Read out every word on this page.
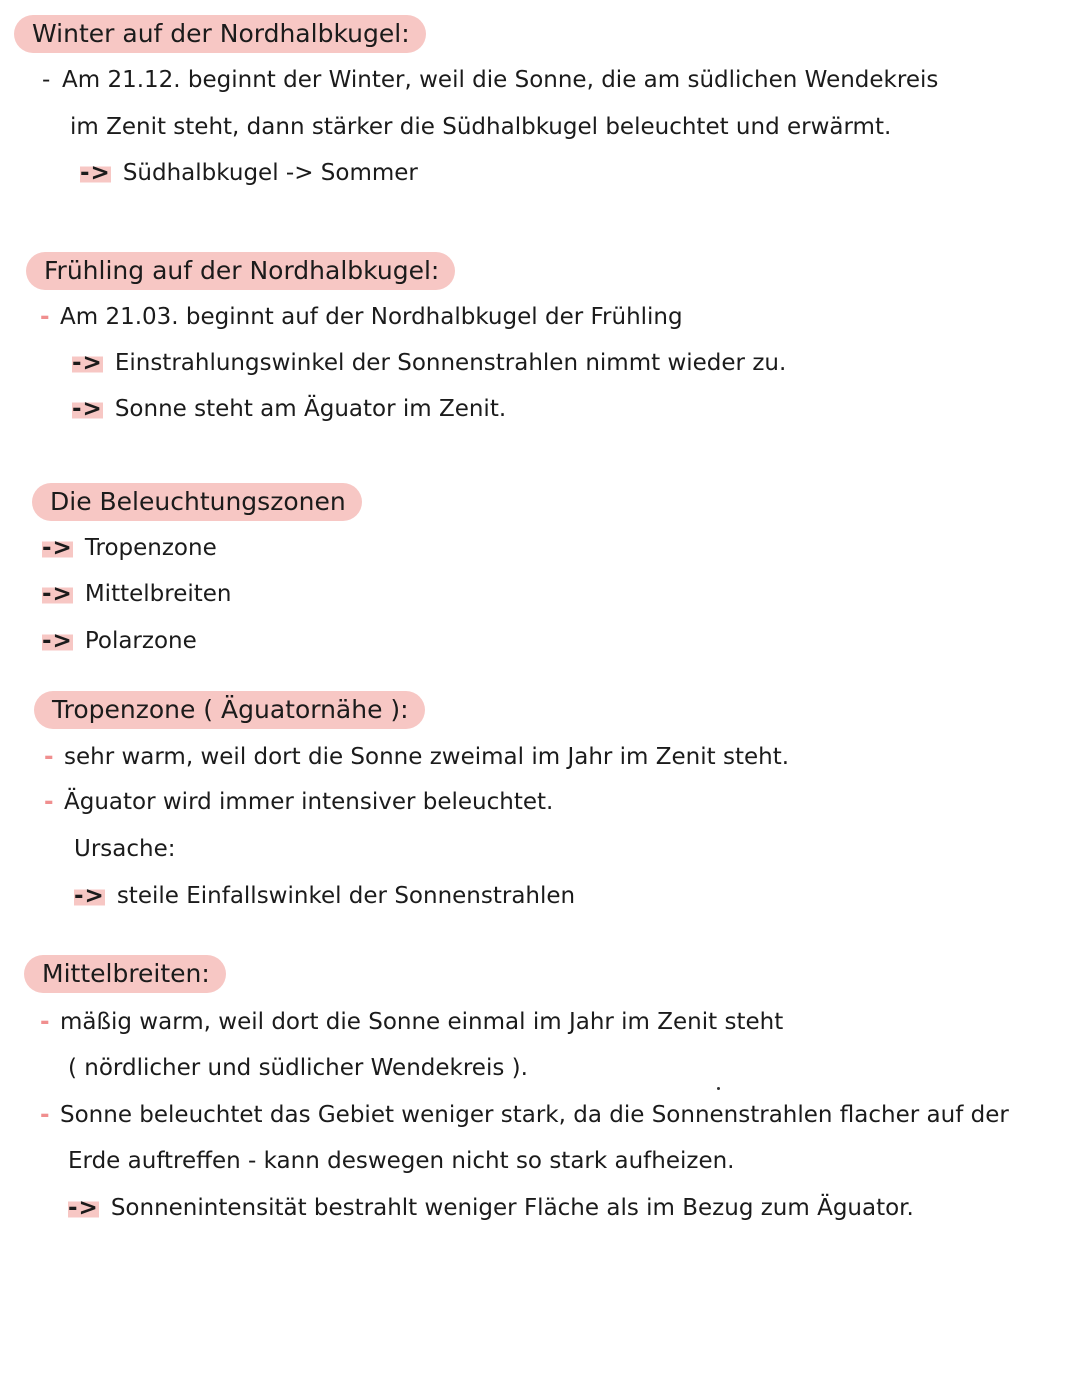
Winter auf der Nordhalbkugel:
- Am 21.12. beginnt der Winter, weil die Sonne, die am südlichen Wendekreis
im Zenit steht, dann stärker die Südhalbkugel beleuchtet und erwärmt.
-> Südhalbkugel -> Sommer
Frühling auf der Nordhalbkugel:
- Am 21.03. beginnt auf der Nordhalbkugel der Frühling
-> Einstrahlungswinkel der Sonnenstrahlen nimmt wieder zu.
-> Sonne steht am Äguator im Zenit.
Die Beleuchtungszonen
-> Tropenzone
-> Mittelbreiten
-> Polarzone
Tropenzone ( Äguatornähe ):
- sehr warm, weil dort die Sonne zweimal im Jahr im Zenit steht.
- Äguator wird immer intensiver beleuchtet.
Ursache:
-> steile Einfallswinkel der Sonnenstrahlen
Mittelbreiten:
- mäßig warm, weil dort die Sonne einmal im Jahr im Zenit steht
( nördlicher und südlicher Wendekreis ).
- Sonne beleuchtet das Gebiet weniger stark, da die Sonnenstrahlen flacher auf der
Erde auftreffen - kann deswegen nicht so stark aufheizen.
-> Sonnenintensität bestrahlt weniger Fläche als im Bezug zum Äguator.
